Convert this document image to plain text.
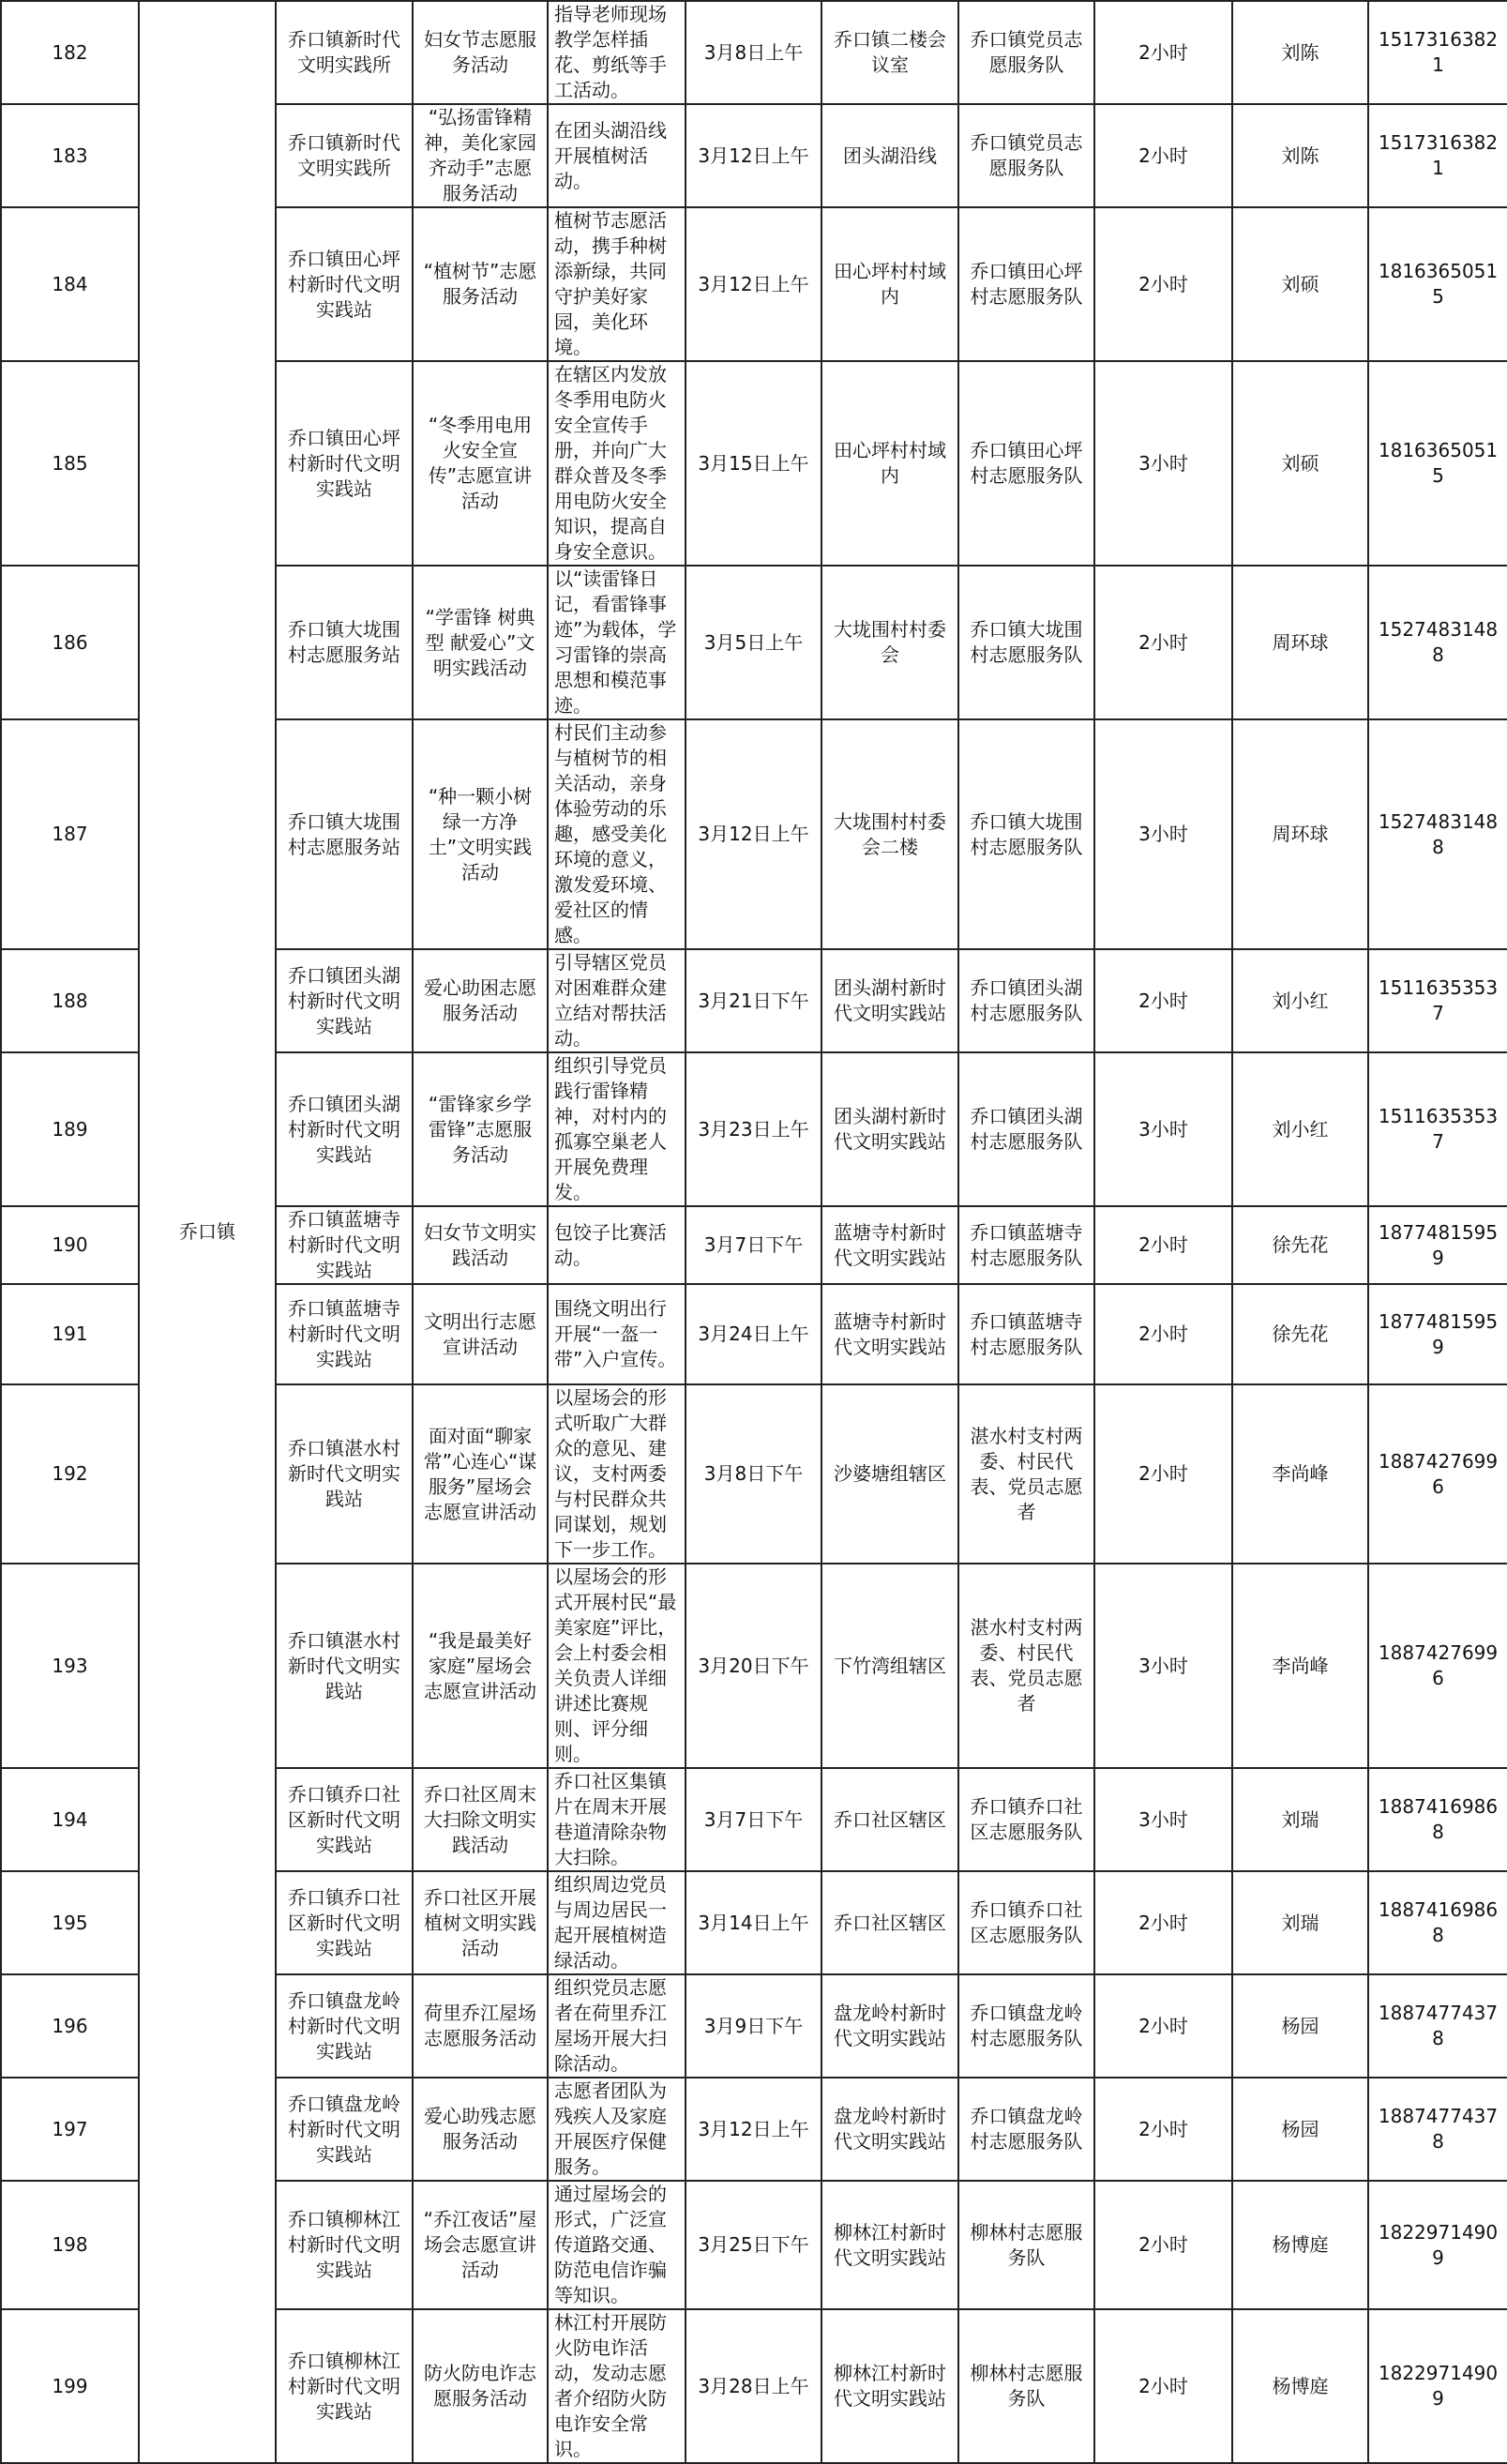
182	乔口镇	乔口镇新时代文明实践所	妇女节志愿服务活动	指导老师现场教学怎样插花、剪纸等手工活动。	3月8日上午	乔口镇二楼会议室	乔口镇党员志愿服务队	2小时	刘陈	15173163821
183		乔口镇新时代文明实践所	“弘扬雷锋精神，美化家园齐动手”志愿服务活动	在团头湖沿线开展植树活动。	3月12日上午	团头湖沿线	乔口镇党员志愿服务队	2小时	刘陈	15173163821
184		乔口镇田心坪村新时代文明实践站	“植树节”志愿服务活动	植树节志愿活动，携手种树添新绿，共同守护美好家园，美化环境。	3月12日上午	田心坪村村域内	乔口镇田心坪村志愿服务队	2小时	刘硕	18163650515
185		乔口镇田心坪村新时代文明实践站	“冬季用电用火安全宣传”志愿宣讲活动	在辖区内发放冬季用电防火安全宣传手册，并向广大群众普及冬季用电防火安全知识，提高自身安全意识。	3月15日上午	田心坪村村域内	乔口镇田心坪村志愿服务队	3小时	刘硕	18163650515
186		乔口镇大垅围村志愿服务站	“学雷锋 树典型 献爱心”文明实践活动	以“读雷锋日记，看雷锋事迹”为载体，学习雷锋的崇高思想和模范事迹。	3月5日上午	大垅围村村委会	乔口镇大垅围村志愿服务队	2小时	周环球	15274831488
187		乔口镇大垅围村志愿服务站	“种一颗小树绿一方净土”文明实践活动	村民们主动参与植树节的相关活动，亲身体验劳动的乐趣，感受美化环境的意义，激发爱环境、爱社区的情感。	3月12日上午	大垅围村村委会二楼	乔口镇大垅围村志愿服务队	3小时	周环球	15274831488
188		乔口镇团头湖村新时代文明实践站	爱心助困志愿服务活动	引导辖区党员对困难群众建立结对帮扶活动。	3月21日下午	团头湖村新时代文明实践站	乔口镇团头湖村志愿服务队	2小时	刘小红	15116353537
189		乔口镇团头湖村新时代文明实践站	“雷锋家乡学雷锋”志愿服务活动	组织引导党员践行雷锋精神，对村内的孤寡空巢老人开展免费理发。	3月23日上午	团头湖村新时代文明实践站	乔口镇团头湖村志愿服务队	3小时	刘小红	15116353537
190		乔口镇蓝塘寺村新时代文明实践站	妇女节文明实践活动	包饺子比赛活动。	3月7日下午	蓝塘寺村新时代文明实践站	乔口镇蓝塘寺村志愿服务队	2小时	徐先花	18774815959
191		乔口镇蓝塘寺村新时代文明实践站	文明出行志愿宣讲活动	围绕文明出行开展“一盔一带”入户宣传。	3月24日上午	蓝塘寺村新时代文明实践站	乔口镇蓝塘寺村志愿服务队	2小时	徐先花	18774815959
192		乔口镇湛水村新时代文明实践站	面对面“聊家常”心连心“谋服务”屋场会志愿宣讲活动	以屋场会的形式听取广大群众的意见、建议，支村两委与村民群众共同谋划，规划下一步工作。	3月8日下午	沙婆塘组辖区	湛水村支村两委、村民代表、党员志愿者	2小时	李尚峰	18874276996
193		乔口镇湛水村新时代文明实践站	“我是最美好家庭”屋场会志愿宣讲活动	以屋场会的形式开展村民“最美家庭”评比，会上村委会相关负责人详细讲述比赛规则、评分细则。	3月20日下午	下竹湾组辖区	湛水村支村两委、村民代表、党员志愿者	3小时	李尚峰	18874276996
194		乔口镇乔口社区新时代文明实践站	乔口社区周末大扫除文明实践活动	乔口社区集镇片在周末开展巷道清除杂物大扫除。	3月7日下午	乔口社区辖区	乔口镇乔口社区志愿服务队	3小时	刘瑞	18874169868
195		乔口镇乔口社区新时代文明实践站	乔口社区开展植树文明实践活动	组织周边党员与周边居民一起开展植树造绿活动。	3月14日上午	乔口社区辖区	乔口镇乔口社区志愿服务队	2小时	刘瑞	18874169868
196		乔口镇盘龙岭村新时代文明实践站	荷里乔江屋场志愿服务活动	组织党员志愿者在荷里乔江屋场开展大扫除活动。	3月9日下午	盘龙岭村新时代文明实践站	乔口镇盘龙岭村志愿服务队	2小时	杨园	18874774378
197		乔口镇盘龙岭村新时代文明实践站	爱心助残志愿服务活动	志愿者团队为残疾人及家庭开展医疗保健服务。	3月12日上午	盘龙岭村新时代文明实践站	乔口镇盘龙岭村志愿服务队	2小时	杨园	18874774378
198		乔口镇柳林江村新时代文明实践站	“乔江夜话”屋场会志愿宣讲活动	通过屋场会的形式，广泛宣传道路交通、防范电信诈骗等知识。	3月25日下午	柳林江村新时代文明实践站	柳林村志愿服务队	2小时	杨博庭	18229714909
199		乔口镇柳林江村新时代文明实践站	防火防电诈志愿服务活动	林江村开展防火防电诈活动，发动志愿者介绍防火防电诈安全常识。	3月28日上午	柳林江村新时代文明实践站	柳林村志愿服务队	2小时	杨博庭	18229714909
